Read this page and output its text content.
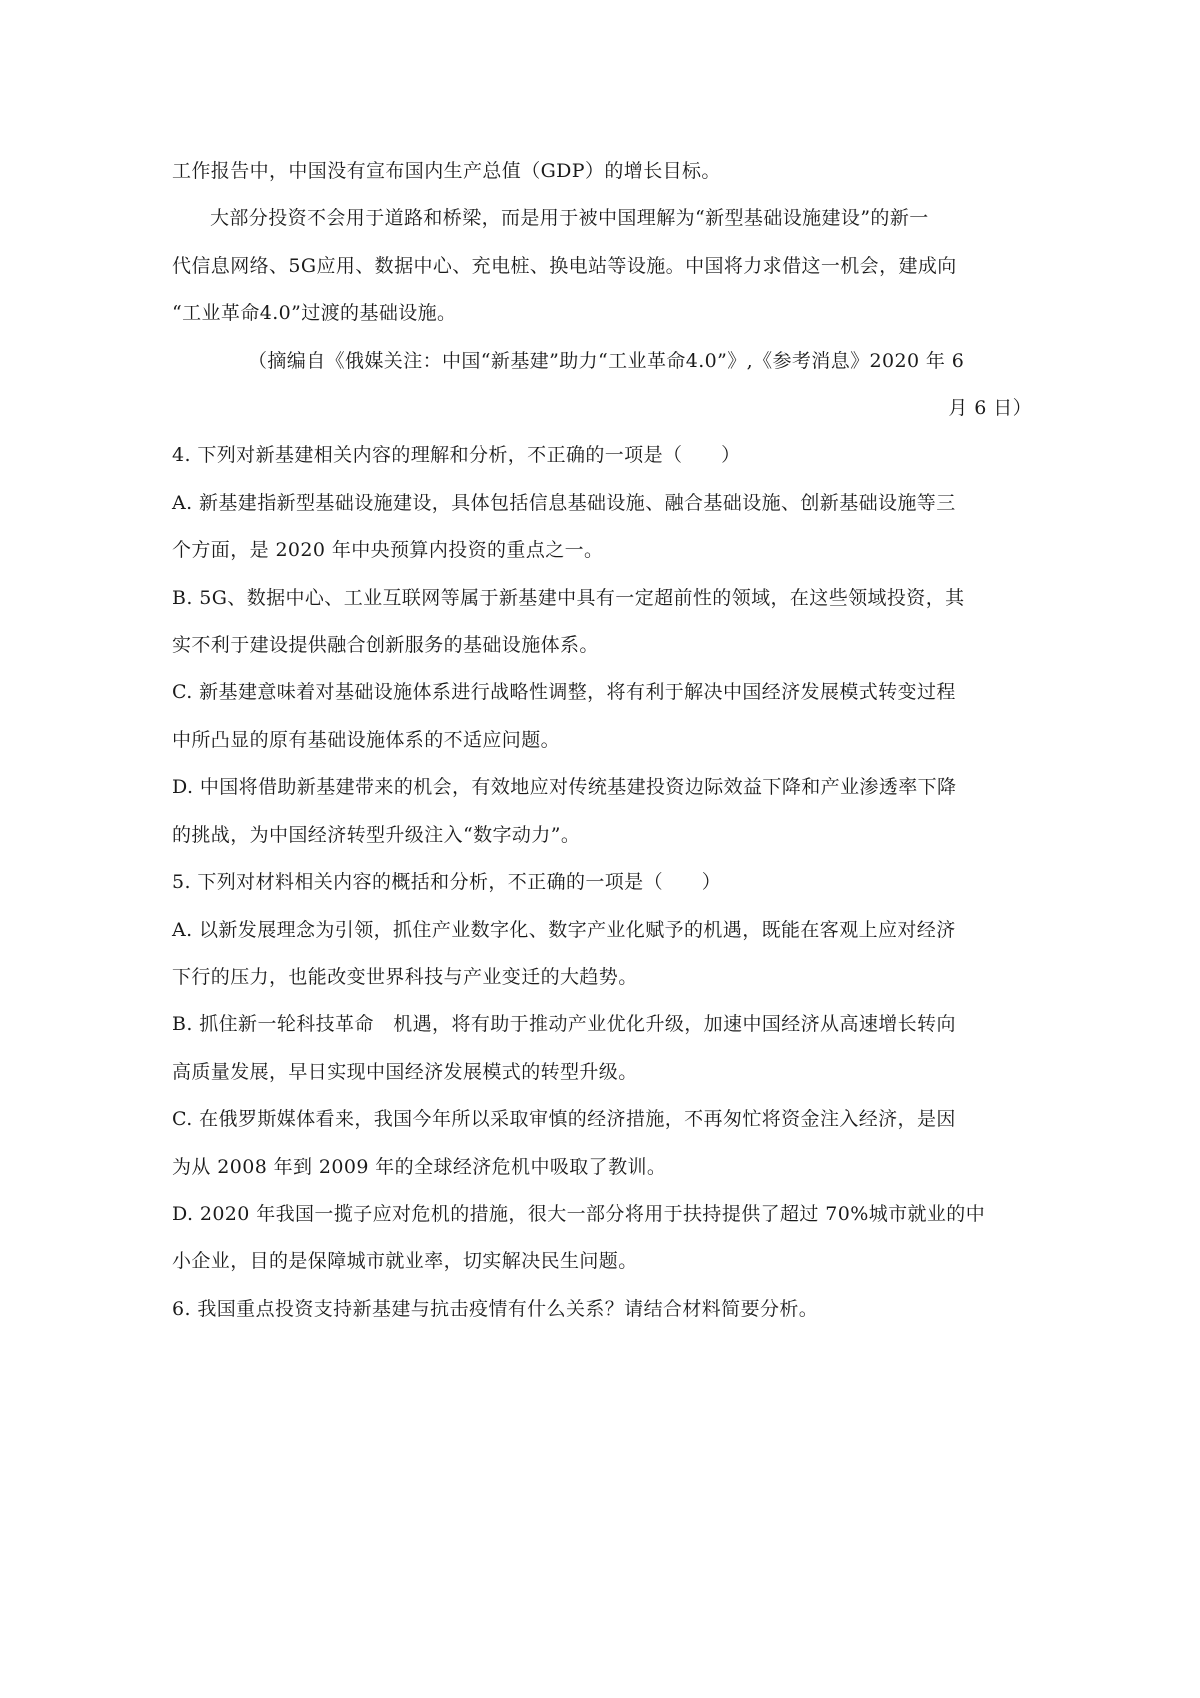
工作报告中，中国没有宣布国内生产总值（GDP）的增长目标。
大部分投资不会用于道路和桥梁，而是用于被中国理解为“新型基础设施建设”的新一
代信息网络、5G应用、数据中心、充电桩、换电站等设施。中国将力求借这一机会，建成向
“工业革命4.0”过渡的基础设施。
（摘编自《俄媒关注：中国“新基建”助力“工业革命4.0”》,《参考消息》2020 年 6
月 6 日）
4. 下列对新基建相关内容的理解和分析，不正确的一项是（　　）
A. 新基建指新型基础设施建设，具体包括信息基础设施、融合基础设施、创新基础设施等三
个方面，是 2020 年中央预算内投资的重点之一。
B. 5G、数据中心、工业互联网等属于新基建中具有一定超前性的领域，在这些领域投资，其
实不利于建设提供融合创新服务的基础设施体系。
C. 新基建意味着对基础设施体系进行战略性调整，将有利于解决中国经济发展模式转变过程
中所凸显的原有基础设施体系的不适应问题。
D. 中国将借助新基建带来的机会，有效地应对传统基建投资边际效益下降和产业渗透率下降
的挑战，为中国经济转型升级注入“数字动力”。
5. 下列对材料相关内容的概括和分析，不正确的一项是（　　）
A. 以新发展理念为引领，抓住产业数字化、数字产业化赋予的机遇，既能在客观上应对经济
下行的压力，也能改变世界科技与产业变迁的大趋势。
B. 抓住新一轮科技革命　机遇，将有助于推动产业优化升级，加速中国经济从高速增长转向
高质量发展，早日实现中国经济发展模式的转型升级。
C. 在俄罗斯媒体看来，我国今年所以采取审慎的经济措施，不再匆忙将资金注入经济，是因
为从 2008 年到 2009 年的全球经济危机中吸取了教训。
D. 2020 年我国一揽子应对危机的措施，很大一部分将用于扶持提供了超过 70%城市就业的中
小企业，目的是保障城市就业率，切实解决民生问题。
6. 我国重点投资支持新基建与抗击疫情有什么关系？请结合材料简要分析。
